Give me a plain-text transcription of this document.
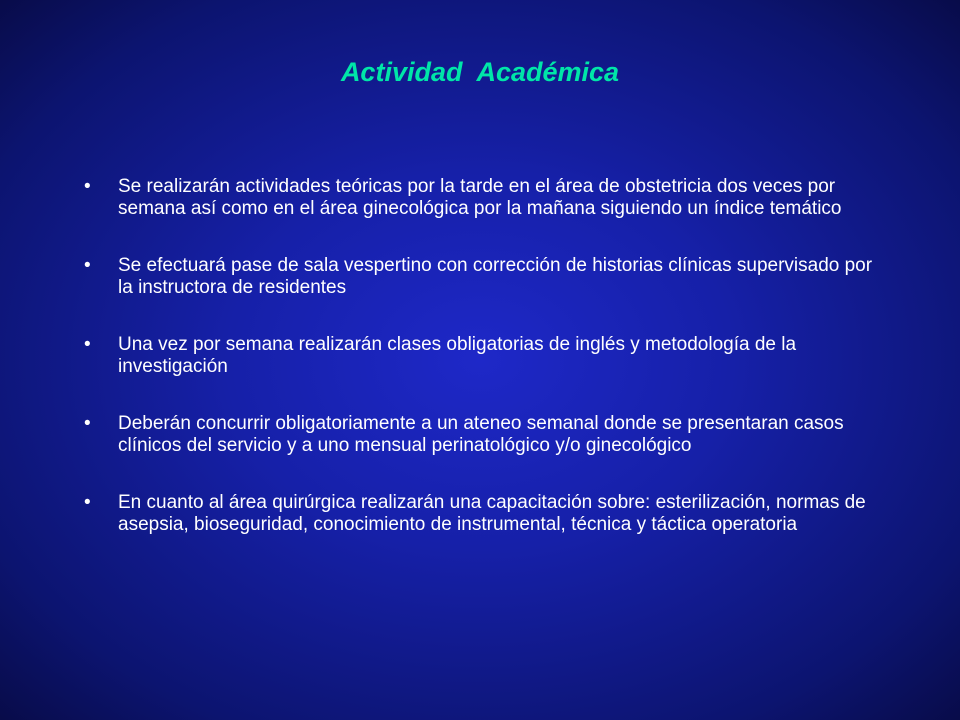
Actividad  Académica
•	Se realizarán actividades teóricas por la tarde en el área de obstetricia dos veces por semana así como en el área ginecológica por la mañana siguiendo un índice temático
•	Se efectuará pase de sala vespertino con corrección de historias clínicas supervisado por la instructora de residentes
•	Una vez por semana realizarán clases obligatorias de inglés y metodología de la investigación
•	Deberán concurrir obligatoriamente a un ateneo semanal donde se presentaran casos clínicos del servicio y a uno mensual perinatológico y/o ginecológico
•	En cuanto al área quirúrgica realizarán una capacitación sobre: esterilización, normas de asepsia, bioseguridad, conocimiento de instrumental, técnica y táctica operatoria
